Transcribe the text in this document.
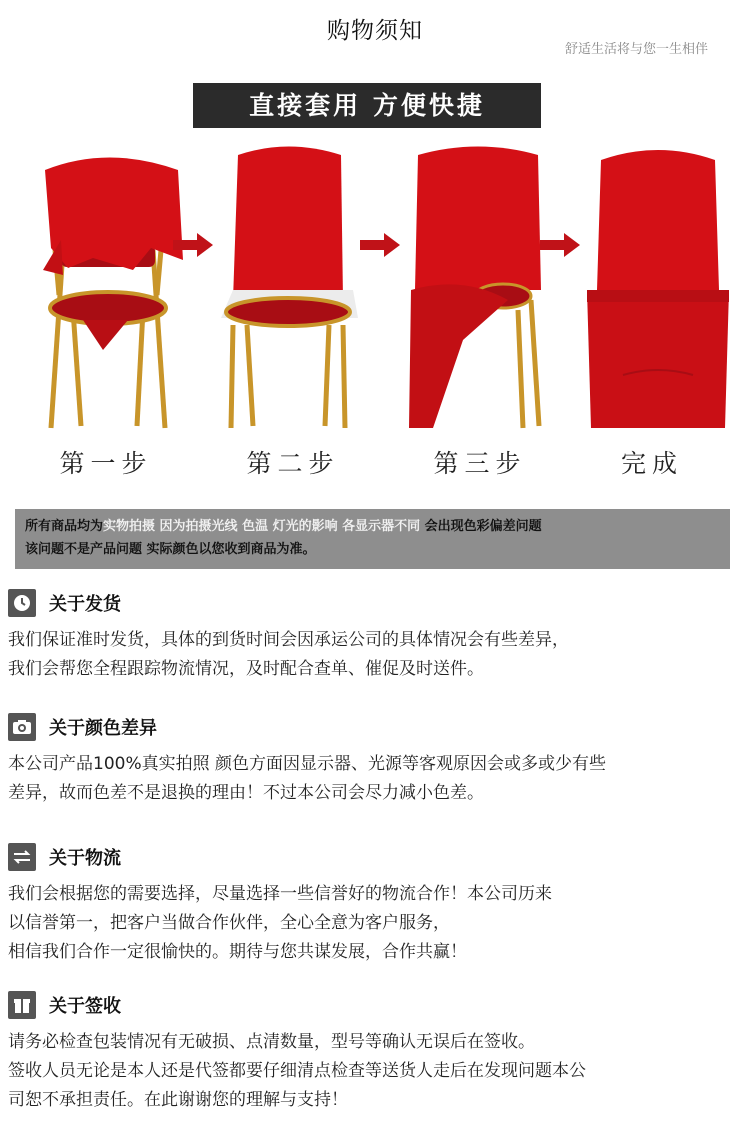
购物须知
舒适生活将与您一生相伴
直接套用 方便快捷
第一步	第二步	第三步	完成
所有商品均为实物拍摄 因为拍摄光线 色温 灯光的影响 各显示器不同 会出现色彩偏差问题
该问题不是产品问题 实际颜色以您收到商品为准。
关于发货
我们保证准时发货，具体的到货时间会因承运公司的具体情况会有些差异，
我们会帮您全程跟踪物流情况，及时配合查单、催促及时送件。
关于颜色差异
本公司产品100%真实拍照 颜色方面因显示器、光源等客观原因会或多或少有些
差异，故而色差不是退换的理由！不过本公司会尽力减小色差。
关于物流
我们会根据您的需要选择，尽量选择一些信誉好的物流合作！本公司历来
以信誉第一，把客户当做合作伙伴，全心全意为客户服务，
相信我们合作一定很愉快的。期待与您共谋发展，合作共赢！
关于签收
请务必检查包装情况有无破损、点清数量，型号等确认无误后在签收。
签收人员无论是本人还是代签都要仔细清点检查等送货人走后在发现问题本公
司恕不承担责任。在此谢谢您的理解与支持！
